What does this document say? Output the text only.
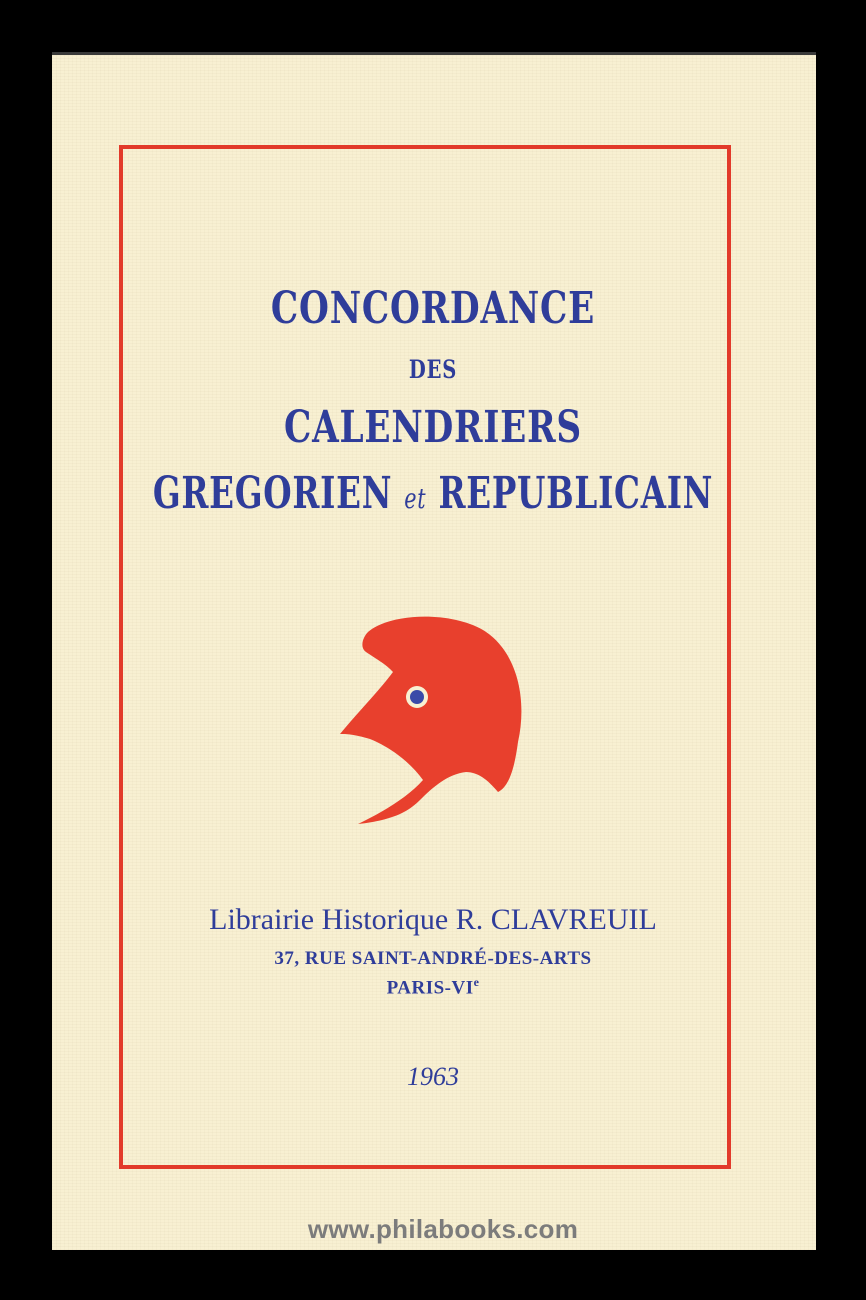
CONCORDANCE
DES
CALENDRIERS
GREGORIEN et REPUBLICAIN
Librairie Historique R. CLAVREUIL
37, RUE SAINT-ANDRÉ-DES-ARTS
PARIS-VIe
1963
www.philabooks.com
